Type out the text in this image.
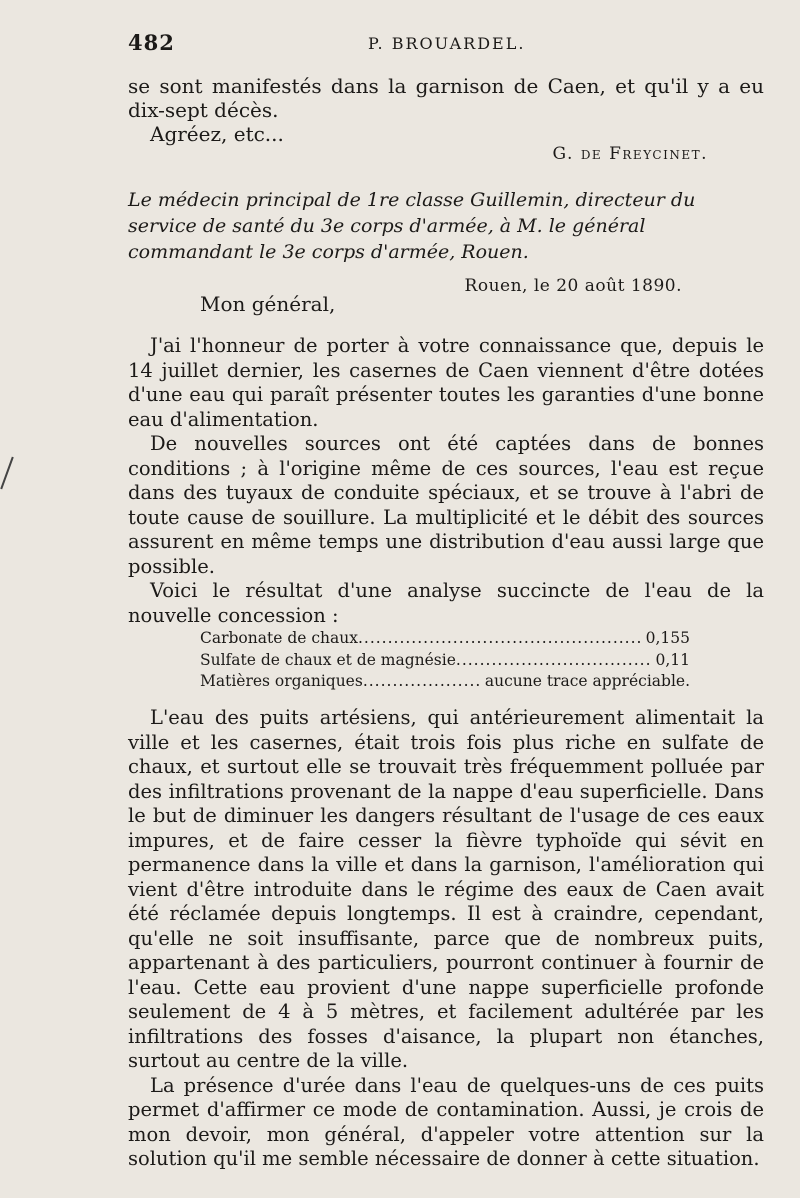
482	P. BROUARDEL.

se sont manifestés dans la garnison de Caen, et qu'il y a eu dix-sept décès.

Agréez, etc...

G. de Freycinet.
Le médecin principal de 1re classe Guillemin, directeur du service de santé du 3e corps d'armée, à M. le général commandant le 3e corps d'armée, Rouen.
Rouen, le 20 août 1890.
Mon général,

J'ai l'honneur de porter à votre connaissance que, depuis le 14 juillet dernier, les casernes de Caen viennent d'être dotées d'une eau qui paraît présenter toutes les garanties d'une bonne eau d'alimentation.

De nouvelles sources ont été captées dans de bonnes conditions ; à l'origine même de ces sources, l'eau est reçue dans des tuyaux de conduite spéciaux, et se trouve à l'abri de toute cause de souillure. La multiplicité et le débit des sources assurent en même temps une distribution d'eau aussi large que possible.

Voici le résultat d'une analyse succincte de l'eau de la nouvelle concession :

Carbonate de chaux .....	0,155
Sulfate de chaux et de magnésie .....	0,11
Matières organiques .....	aucune trace appréciable.

L'eau des puits artésiens, qui antérieurement alimentait la ville et les casernes, était trois fois plus riche en sulfate de chaux, et surtout elle se trouvait très fréquemment polluée par des infiltrations provenant de la nappe d'eau superficielle. Dans le but de diminuer les dangers résultant de l'usage de ces eaux impures, et de faire cesser la fièvre typhoïde qui sévit en permanence dans la ville et dans la garnison, l'amélioration qui vient d'être introduite dans le régime des eaux de Caen avait été réclamée depuis longtemps. Il est à craindre, cependant, qu'elle ne soit insuffisante, parce que de nombreux puits, appartenant à des particuliers, pourront continuer à fournir de l'eau. Cette eau provient d'une nappe superficielle profonde seulement de 4 à 5 mètres, et facilement adultérée par les infiltrations des fosses d'aisance, la plupart non étanches, surtout au centre de la ville.

La présence d'urée dans l'eau de quelques-uns de ces puits permet d'affirmer ce mode de contamination. Aussi, je crois de mon devoir, mon général, d'appeler votre attention sur la solution qu'il me semble nécessaire de donner à cette situation.
